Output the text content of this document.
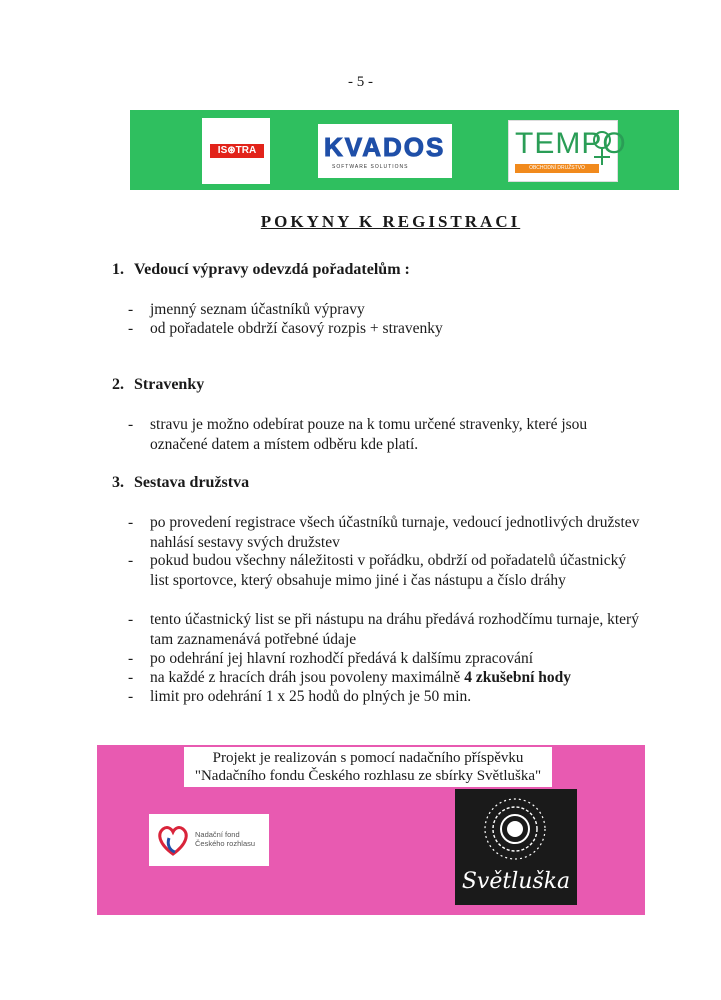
- 5 -
IS⊛TRA	KVADOS
SOFTWARE SOLUTIONS
TEMPO
OBCHODNÍ DRUŽSTVO
POKYNY K REGISTRACI
1. Vedoucí výpravy odevzdá pořadatelům :
- jmenný seznam účastníků výpravy
- od pořadatele obdrží časový rozpis + stravenky
2. Stravenky
- stravu je možno odebírat pouze na k tomu určené stravenky, které jsou označené datem a místem odběru kde platí.
3. Sestava družstva
- po provedení registrace všech účastníků turnaje, vedoucí jednotlivých družstev nahlásí sestavy svých družstev
- pokud budou všechny náležitosti v pořádku, obdrží od pořadatelů účastnický list sportovce, který obsahuje mimo jiné i čas nástupu a číslo dráhy
- tento účastnický list se při nástupu na dráhu předává rozhodčímu turnaje, který tam zaznamenává potřebné údaje
- po odehrání jej hlavní rozhodčí předává k dalšímu zpracování
- na každé z hracích dráh jsou povoleny maximálně 4 zkušební hody
- limit pro odehrání 1 x 25 hodů do plných je 50 min.
Projekt je realizován s pomocí nadačního příspěvku
"Nadačního fondu Českého rozhlasu ze sbírky Světluška"
Nadační fond
Českého rozhlasu
Světluška
